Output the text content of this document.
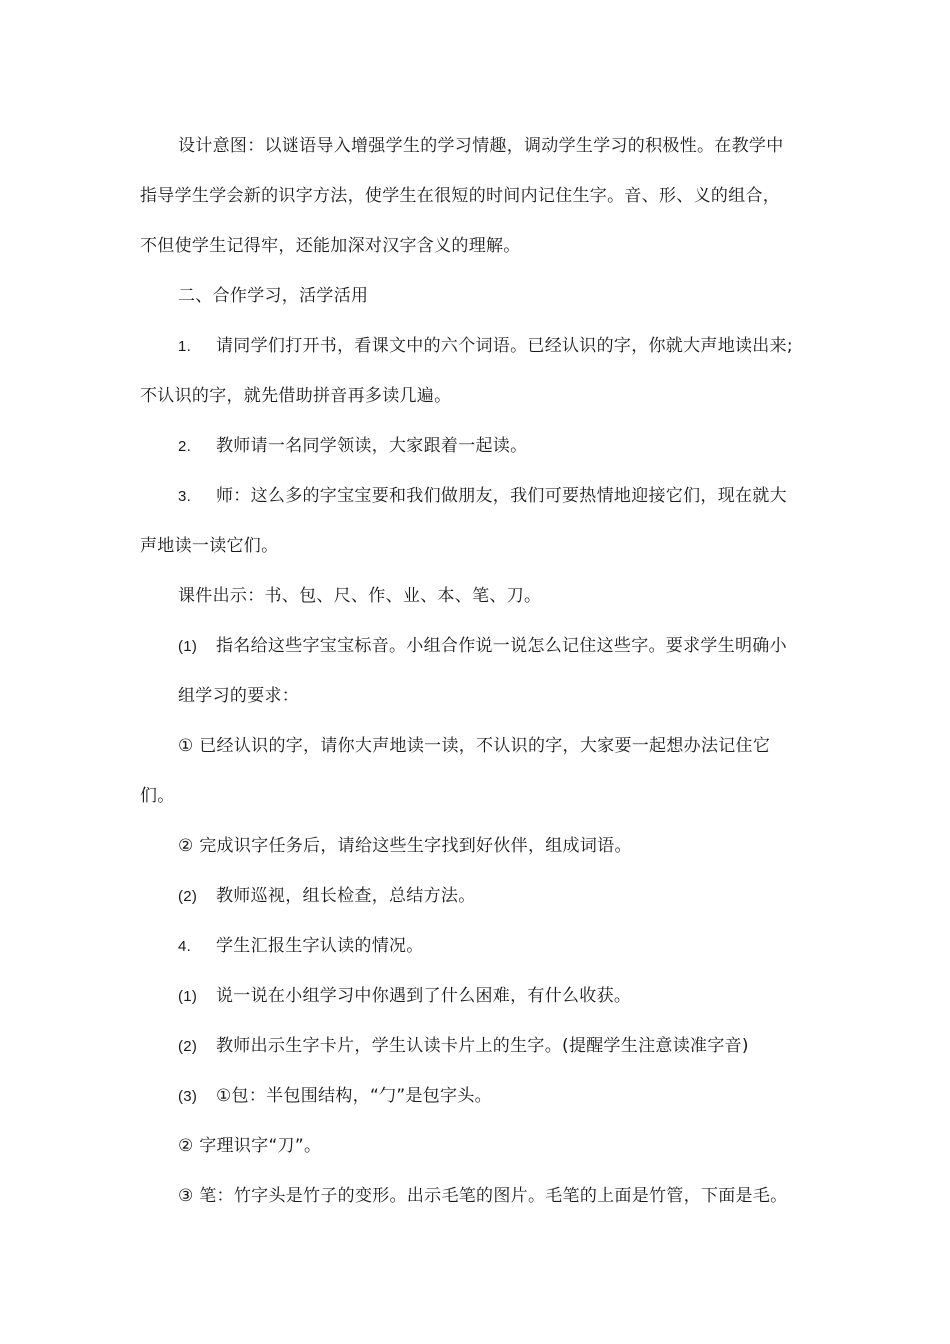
设计意图：以谜语导入增强学生的学习情趣，调动学生学习的积极性。在教学中
指导学生学会新的识字方法，使学生在很短的时间内记住生字。音、形、义的组合，
不但使学生记得牢，还能加深对汉字含义的理解。
二、合作学习，活学活用
1. 请同学们打开书，看课文中的六个词语。已经认识的字，你就大声地读出来;
不认识的字，就先借助拼音再多读几遍。
2. 教师请一名同学领读，大家跟着一起读。
3. 师：这么多的字宝宝要和我们做朋友，我们可要热情地迎接它们，现在就大
声地读一读它们。
课件出示：书、包、尺、作、业、本、笔、刀。
(1) 指名给这些字宝宝标音。小组合作说一说怎么记住这些字。要求学生明确小
组学习的要求：
① 已经认识的字，请你大声地读一读，不认识的字，大家要一起想办法记住它
们。
② 完成识字任务后，请给这些生字找到好伙伴，组成词语。
(2) 教师巡视，组长检查，总结方法。
4. 学生汇报生字认读的情况。
(1) 说一说在小组学习中你遇到了什么困难，有什么收获。
(2) 教师出示生字卡片，学生认读卡片上的生字。(提醒学生注意读准字音)
(3) ①包：半包围结构，“勹”是包字头。
② 字理识字“刀”。
③ 笔：竹字头是竹子的变形。出示毛笔的图片。毛笔的上面是竹管，下面是毛。
